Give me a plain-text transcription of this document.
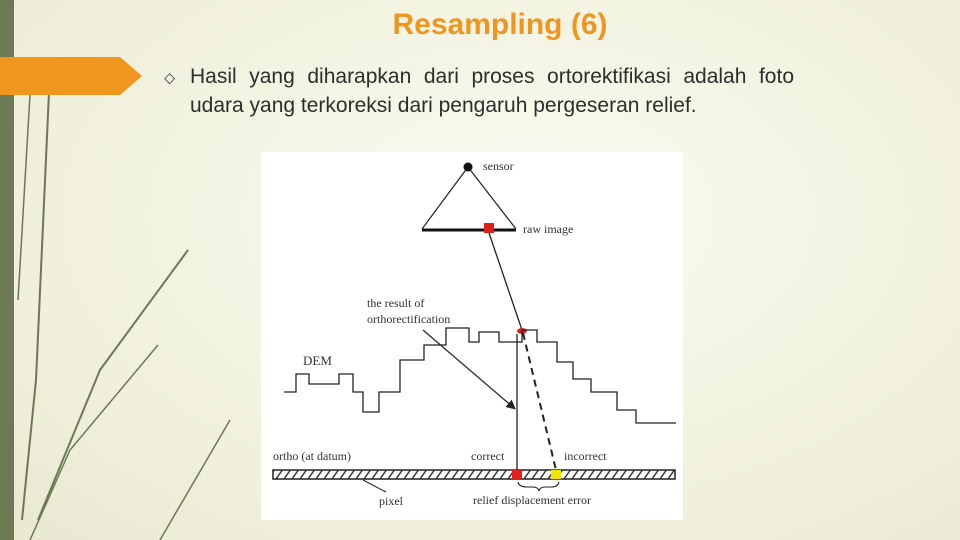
Resampling (6)
⬦ Hasil yang diharapkan dari proses ortorektifikasi adalah foto udara yang terkoreksi dari pengaruh pergeseran relief.

sensor
raw image
the result of
orthorectification
DEM
ortho (at datum)	correct	incorrect
pixel	relief displacement error
